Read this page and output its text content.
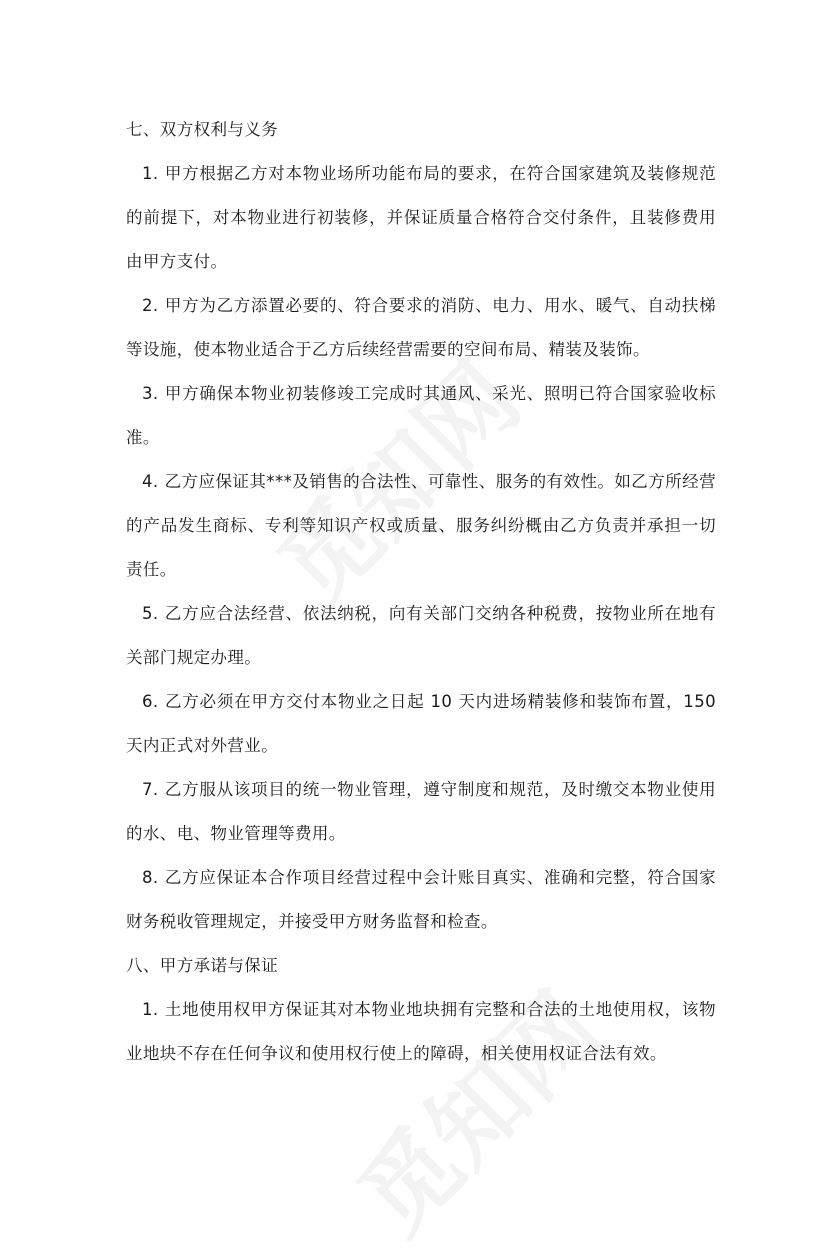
七、双方权利与义务

1. 甲方根据乙方对本物业场所功能布局的要求，在符合国家建筑及装修规范的前提下，对本物业进行初装修，并保证质量合格符合交付条件，且装修费用由甲方支付。

2. 甲方为乙方添置必要的、符合要求的消防、电力、用水、暖气、自动扶梯等设施，使本物业适合于乙方后续经营需要的空间布局、精装及装饰。

3. 甲方确保本物业初装修竣工完成时其通风、采光、照明已符合国家验收标准。

4. 乙方应保证其***及销售的合法性、可靠性、服务的有效性。如乙方所经营的产品发生商标、专利等知识产权或质量、服务纠纷概由乙方负责并承担一切责任。

5. 乙方应合法经营、依法纳税，向有关部门交纳各种税费，按物业所在地有关部门规定办理。

6. 乙方必须在甲方交付本物业之日起 10 天内进场精装修和装饰布置，150 天内正式对外营业。

7. 乙方服从该项目的统一物业管理，遵守制度和规范，及时缴交本物业使用的水、电、物业管理等费用。

8. 乙方应保证本合作项目经营过程中会计账目真实、准确和完整，符合国家财务税收管理规定，并接受甲方财务监督和检查。

八、甲方承诺与保证

1. 土地使用权甲方保证其对本物业地块拥有完整和合法的土地使用权，该物业地块不存在任何争议和使用权行使上的障碍，相关使用权证合法有效。
